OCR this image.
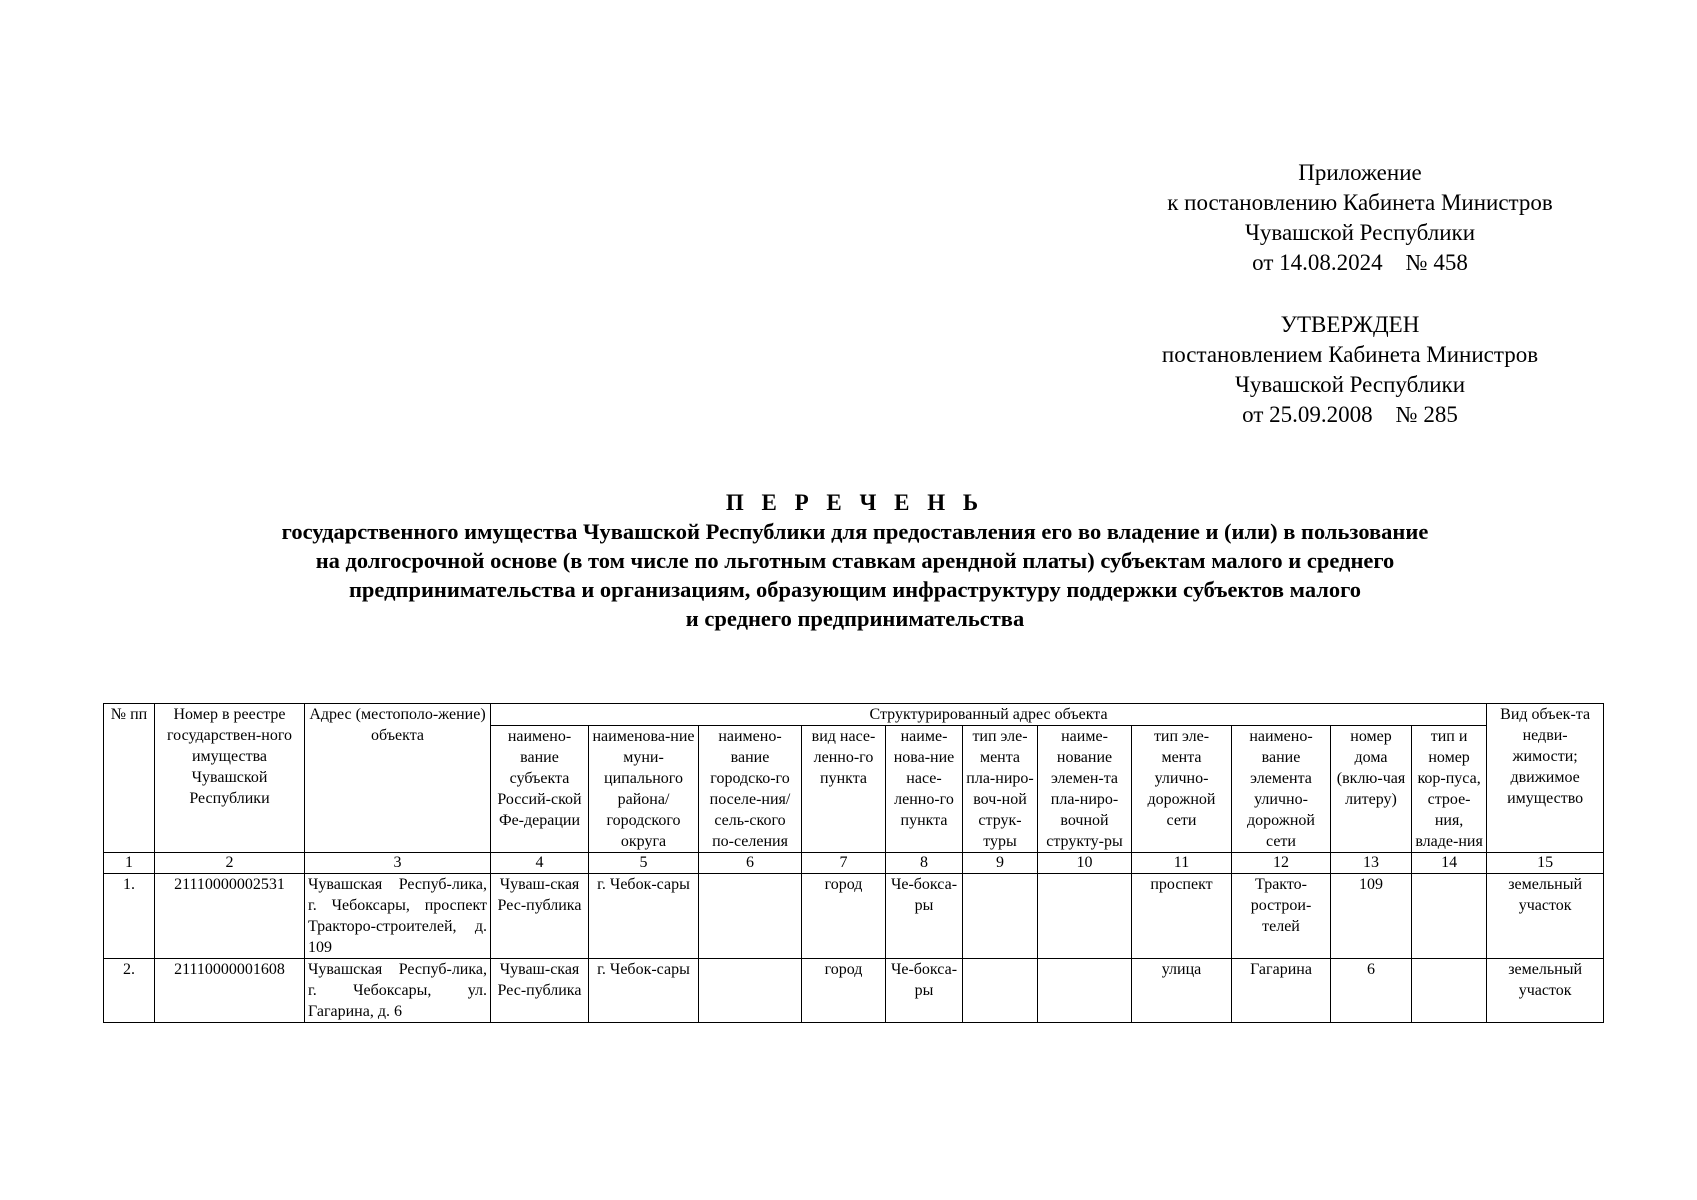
Приложение
к постановлению Кабинета Министров
Чувашской Республики
от 14.08.2024    № 458
УТВЕРЖДЕН
постановлением Кабинета Министров
Чувашской Республики
от 25.09.2008    № 285
П Е Р Е Ч Е Н Ь
государственного имущества Чувашской Республики для предоставления его во владение и (или) в пользование
на долгосрочной основе (в том числе по льготным ставкам арендной платы) субъектам малого и среднего
предпринимательства и организациям, образующим инфраструктуру поддержки субъектов малого
и среднего предпринимательства
№ пп	Номер в реестре государствен-ного имущества Чувашской Республики	Адрес (местополо-жение) объекта	Структурированный адрес объекта											Вид объек-та недви-жимости; движимое имущество
			наимено-вание субъекта Россий-ской Фе-дерации	наименова-ние муни-ципального района/ городского округа	наимено-вание городско-го поселе-ния/сель-ского по-селения	вид насе-ленно-го пункта	наиме-нова-ние насе-ленно-го пункта	тип эле-мента пла-ниро-воч-ной струк-туры	наиме-нование элемен-та пла-ниро-вочной структу-ры	тип эле-мента улично-дорожной сети	наимено-вание элемента улично-дорожной сети	номер дома (вклю-чая литеру)	тип и номер кор-пуса, строе-ния, владе-ния	
1	2	3	4	5	6	7	8	9	10	11	12	13	14	15
1.	21110000002531	Чувашская Респуб-лика, г. Чебоксары, проспект Тракторо-строителей, д. 109	Чуваш-ская Рес-публика	г. Чебок-сары		город	Че-бокса-ры			проспект	Тракто-рострои-телей	109		земельный участок
2.	21110000001608	Чувашская Респуб-лика, г. Чебоксары, ул. Гагарина, д. 6	Чуваш-ская Рес-публика	г. Чебок-сары		город	Че-бокса-ры			улица	Гагарина	6		земельный участок
